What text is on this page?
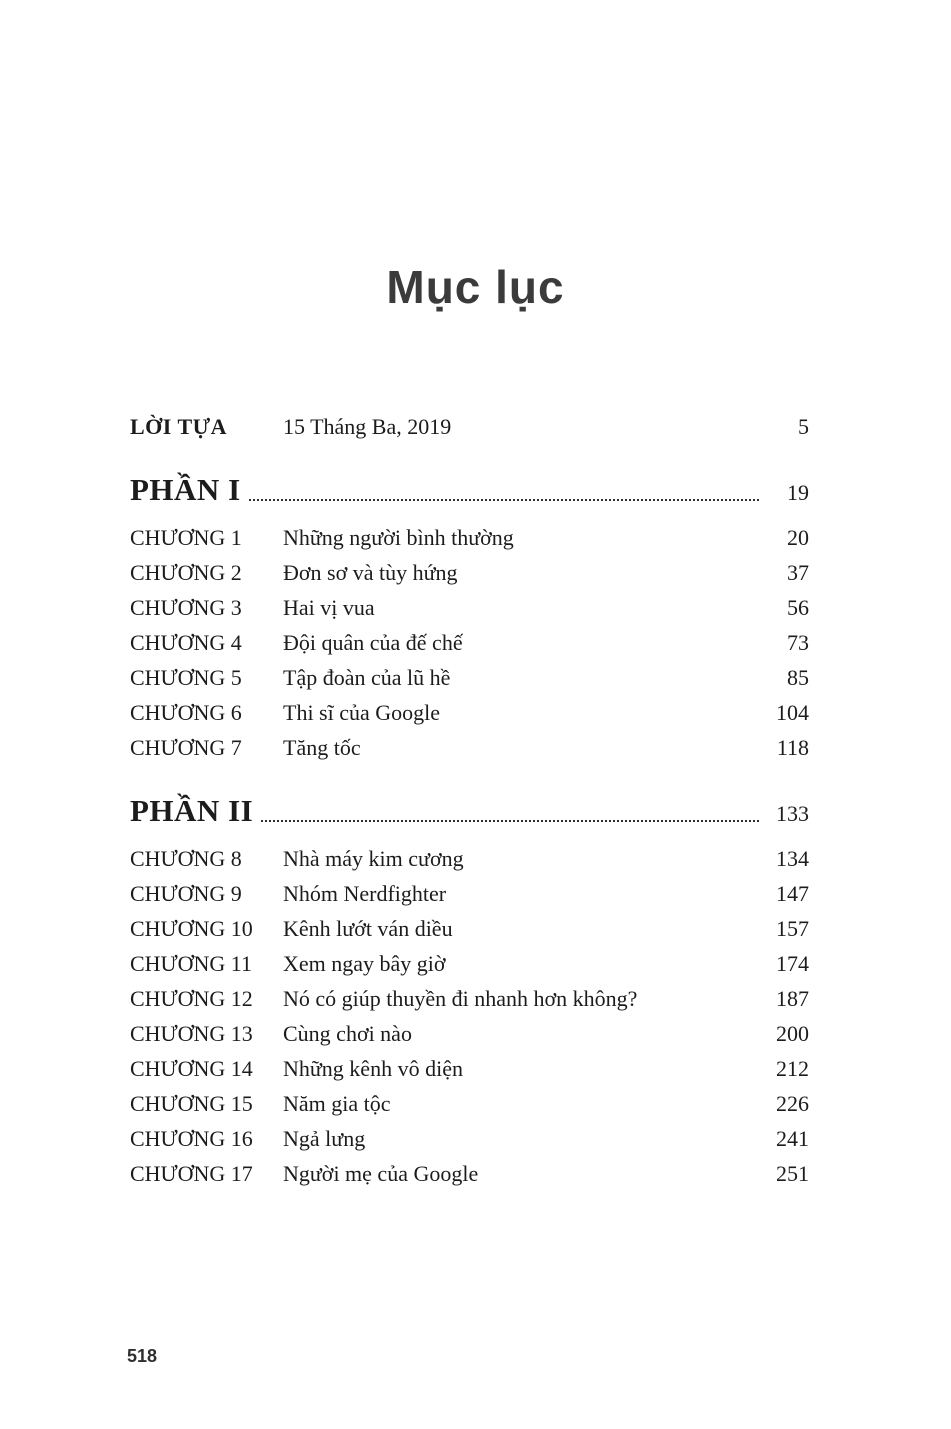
Mục lục
LỜI TỰA	15 Tháng Ba, 2019	5
PHẦN I	19
CHƯƠNG 1	Những người bình thường	20
CHƯƠNG 2	Đơn sơ và tùy hứng	37
CHƯƠNG 3	Hai vị vua	56
CHƯƠNG 4	Đội quân của đế chế	73
CHƯƠNG 5	Tập đoàn của lũ hề	85
CHƯƠNG 6	Thi sĩ của Google	104
CHƯƠNG 7	Tăng tốc	118
PHẦN II	133
CHƯƠNG 8	Nhà máy kim cương	134
CHƯƠNG 9	Nhóm Nerdfighter	147
CHƯƠNG 10	Kênh lướt ván diều	157
CHƯƠNG 11	Xem ngay bây giờ	174
CHƯƠNG 12	Nó có giúp thuyền đi nhanh hơn không?	187
CHƯƠNG 13	Cùng chơi nào	200
CHƯƠNG 14	Những kênh vô diện	212
CHƯƠNG 15	Năm gia tộc	226
CHƯƠNG 16	Ngả lưng	241
CHƯƠNG 17	Người mẹ của Google	251
518
